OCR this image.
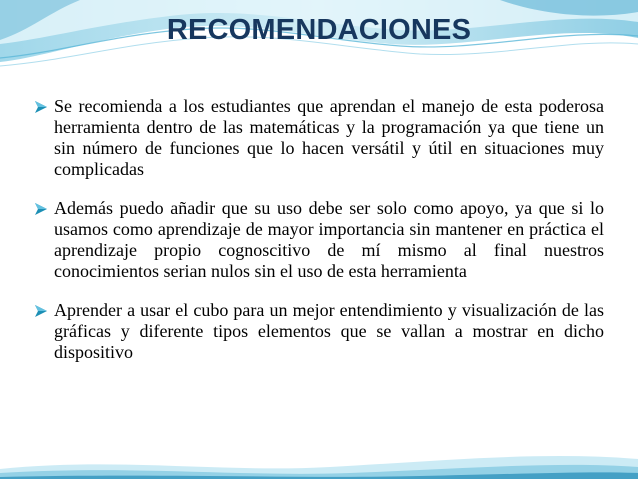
RECOMENDACIONES
Se recomienda a los estudiantes que aprendan el manejo de esta poderosa herramienta dentro de las matemáticas y la programación ya que tiene un sin número de funciones que lo hacen versátil y útil en situaciones muy complicadas
Además puedo añadir que su uso debe ser solo como apoyo, ya que si lo usamos como aprendizaje de mayor importancia sin mantener en práctica el aprendizaje propio cognoscitivo de mí mismo al final nuestros conocimientos serian nulos sin el uso de esta herramienta
Aprender a usar el cubo para un mejor entendimiento y visualización de las gráficas y diferente tipos elementos que se vallan a mostrar en dicho dispositivo
